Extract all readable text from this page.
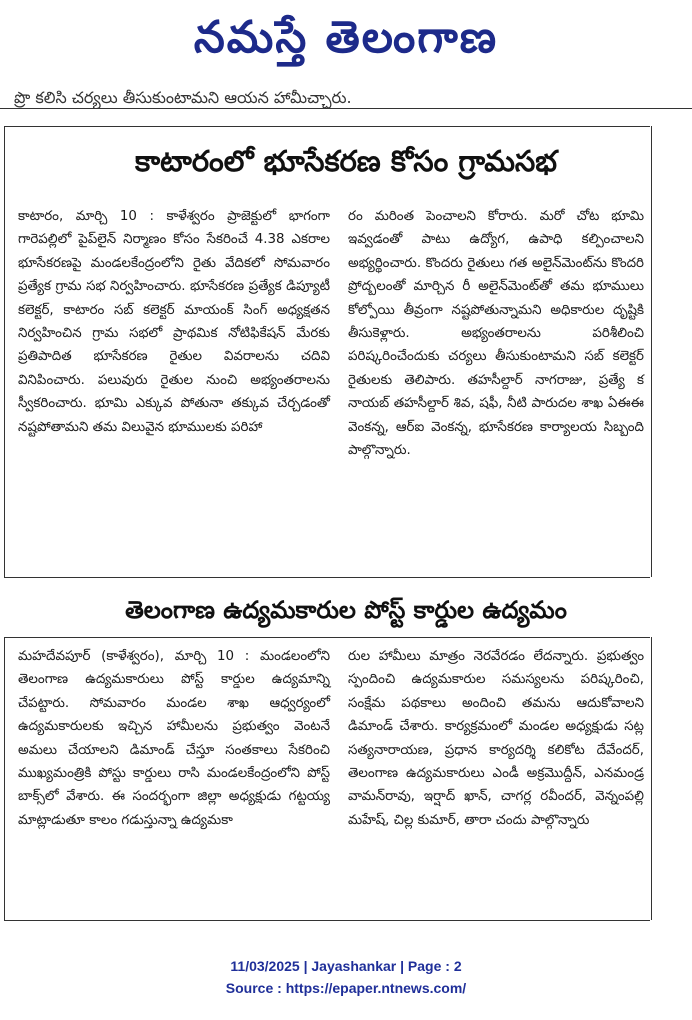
నమస్తే తెలంగాణ
ప్రొ కలిసి చర్యలు తీసుకుంటామని ఆయన హామీచ్చారు.
కాటారంలో భూసేకరణ కోసం గ్రామసభ

కాటారం, మార్చి 10 : కాళేశ్వరం ప్రాజెక్టులో భాగంగా గారెపల్లిలో పైప్‌లైన్ నిర్మాణం కోసం సేకరించే 4.38 ఎకరాల భూసేకరణపై మండలకేంద్రంలోని రైతు వేదికలో సోమవారం ప్రత్యేక గ్రామ సభ నిర్వహించారు. భూసేకరణ ప్రత్యేక డిప్యూటీ కలెక్టర్, కాటారం సబ్ కలెక్టర్ మాయంక్ సింగ్ అధ్యక్షతన నిర్వహించిన గ్రామ సభలో ప్రాథమిక నోటిఫికేషన్ మేరకు ప్రతిపాదిత భూసేకరణ రైతుల వివరాలను చదివి వినిపించారు. పలువురు రైతుల నుంచి అభ్యంతరాలను స్వీకరించారు. భూమి ఎక్కువ పోతునా తక్కువ చేర్చడంతో నష్టపోతామని తమ విలువైన భూములకు పరిహా

రం మరింత పెంచాలని కోరారు. మరో చోట భూమి ఇవ్వడంతో పాటు ఉద్యోగ, ఉపాధి కల్పించాలని అభ్యర్థించారు. కొందరు రైతులు గత అలైన్‌మెంట్‌ను కొందరి ప్రోద్బలంతో మార్చిన రీ అలైన్‌మెంట్‌తో తమ భూములు కోల్పోయి తీవ్రంగా నష్టపోతున్నామని అధికారుల దృష్టికి తీసుకెళ్లారు. అభ్యంతరాలను పరిశీలించి పరిష్కరించేందుకు చర్యలు తీసుకుంటామని సబ్ కలెక్టర్ రైతులకు తెలిపారు. తహసీల్దార్ నాగరాజు, ప్రత్యే క నాయబ్ తహసీల్దార్ శివ, షఫీ, నీటి పారుదల శాఖ ఏఈఈ వెంకన్న, ఆర్ఐ వెంకన్న, భూసేకరణ కార్యాలయ సిబ్బంది పాల్గొన్నారు.

తెలంగాణ ఉద్యమకారుల పోస్ట్ కార్డుల ఉద్యమం

మహదేవపూర్ (కాళేశ్వరం), మార్చి 10 : మండలంలోని తెలంగాణ ఉద్యమకారులు పోస్ట్ కార్డుల ఉద్యమాన్ని చేపట్టారు. సోమవారం మండల శాఖ ఆధ్వర్యంలో ఉద్యమకారులకు ఇచ్చిన హామీలను ప్రభుత్వం వెంటనే అమలు చేయాలని డిమాండ్ చేస్తూ సంతకాలు సేకరించి ముఖ్యమంత్రికి పోస్టు కార్డులు రాసి మండలకేంద్రంలోని పోస్ట్ బాక్స్‌లో వేశారు. ఈ సందర్భంగా జిల్లా అధ్యక్షుడు గట్టయ్య మాట్లాడుతూ కాలం గడుస్తున్నా ఉద్యమకా

రుల హామీలు మాత్రం నెరవేరడం లేదన్నారు. ప్రభుత్వం స్పందించి ఉద్యమకారుల సమస్యలను పరిష్కరించి, సంక్షేమ పథకాలు అందించి తమను ఆదుకోవాలని డిమాండ్ చేశారు. కార్యక్రమంలో మండల అధ్యక్షుడు సట్ల సత్యనారాయణ, ప్రధాన కార్యదర్శి కలికోట దేవేందర్, తెలంగాణ ఉద్యమకారులు ఎండీ అక్రమొద్దీన్, ఎనమండ్ర వామన్‌రావు, ఇర్షాద్ ఖాన్, చాగర్ల రవీందర్, వెన్నంపల్లి మహేష్, చిల్ల కుమార్, తారా చందు పాల్గొన్నారు

11/03/2025 | Jayashankar | Page : 2
Source : https://epaper.ntnews.com/
